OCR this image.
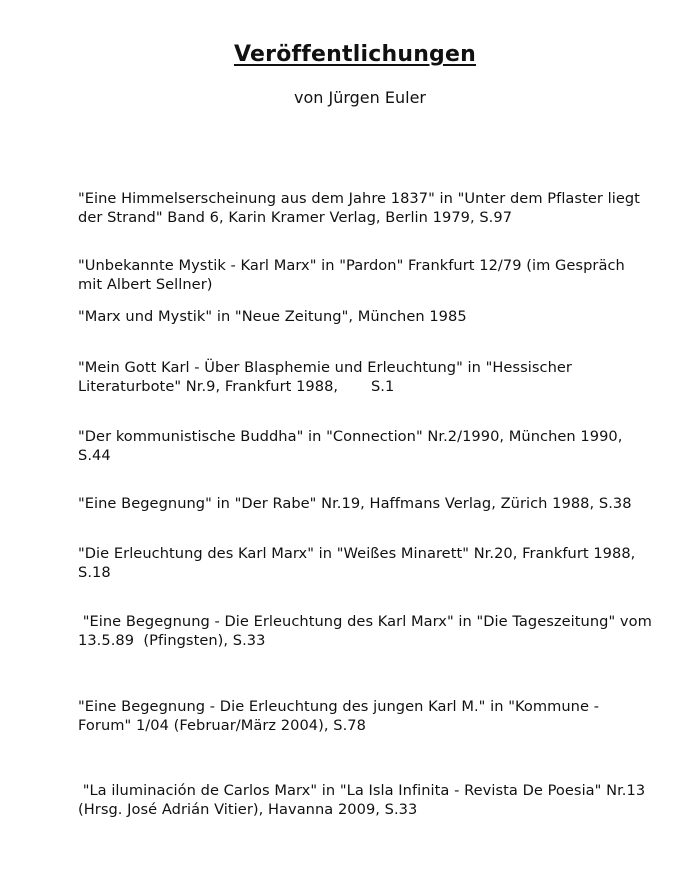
Veröffentlichungen
von Jürgen Euler
"Eine Himmelserscheinung aus dem Jahre 1837" in "Unter dem Pflaster liegt
der Strand" Band 6, Karin Kramer Verlag, Berlin 1979, S.97
"Unbekannte Mystik - Karl Marx" in "Pardon" Frankfurt 12/79 (im Gespräch
mit Albert Sellner)
"Marx und Mystik" in "Neue Zeitung", München 1985
"Mein Gott Karl - Über Blasphemie und Erleuchtung" in "Hessischer
Literaturbote" Nr.9, Frankfurt 1988,       S.1
"Der kommunistische Buddha" in "Connection" Nr.2/1990, München 1990,
S.44
"Eine Begegnung" in "Der Rabe" Nr.19, Haffmans Verlag, Zürich 1988, S.38
"Die Erleuchtung des Karl Marx" in "Weißes Minarett" Nr.20, Frankfurt 1988,
S.18
"Eine Begegnung - Die Erleuchtung des Karl Marx" in "Die Tageszeitung" vom
13.5.89  (Pfingsten), S.33
"Eine Begegnung - Die Erleuchtung des jungen Karl M." in "Kommune -
Forum" 1/04 (Februar/März 2004), S.78
"La iluminación de Carlos Marx" in "La Isla Infinita - Revista De Poesia" Nr.13
(Hrsg. José Adrián Vitier), Havanna 2009, S.33
